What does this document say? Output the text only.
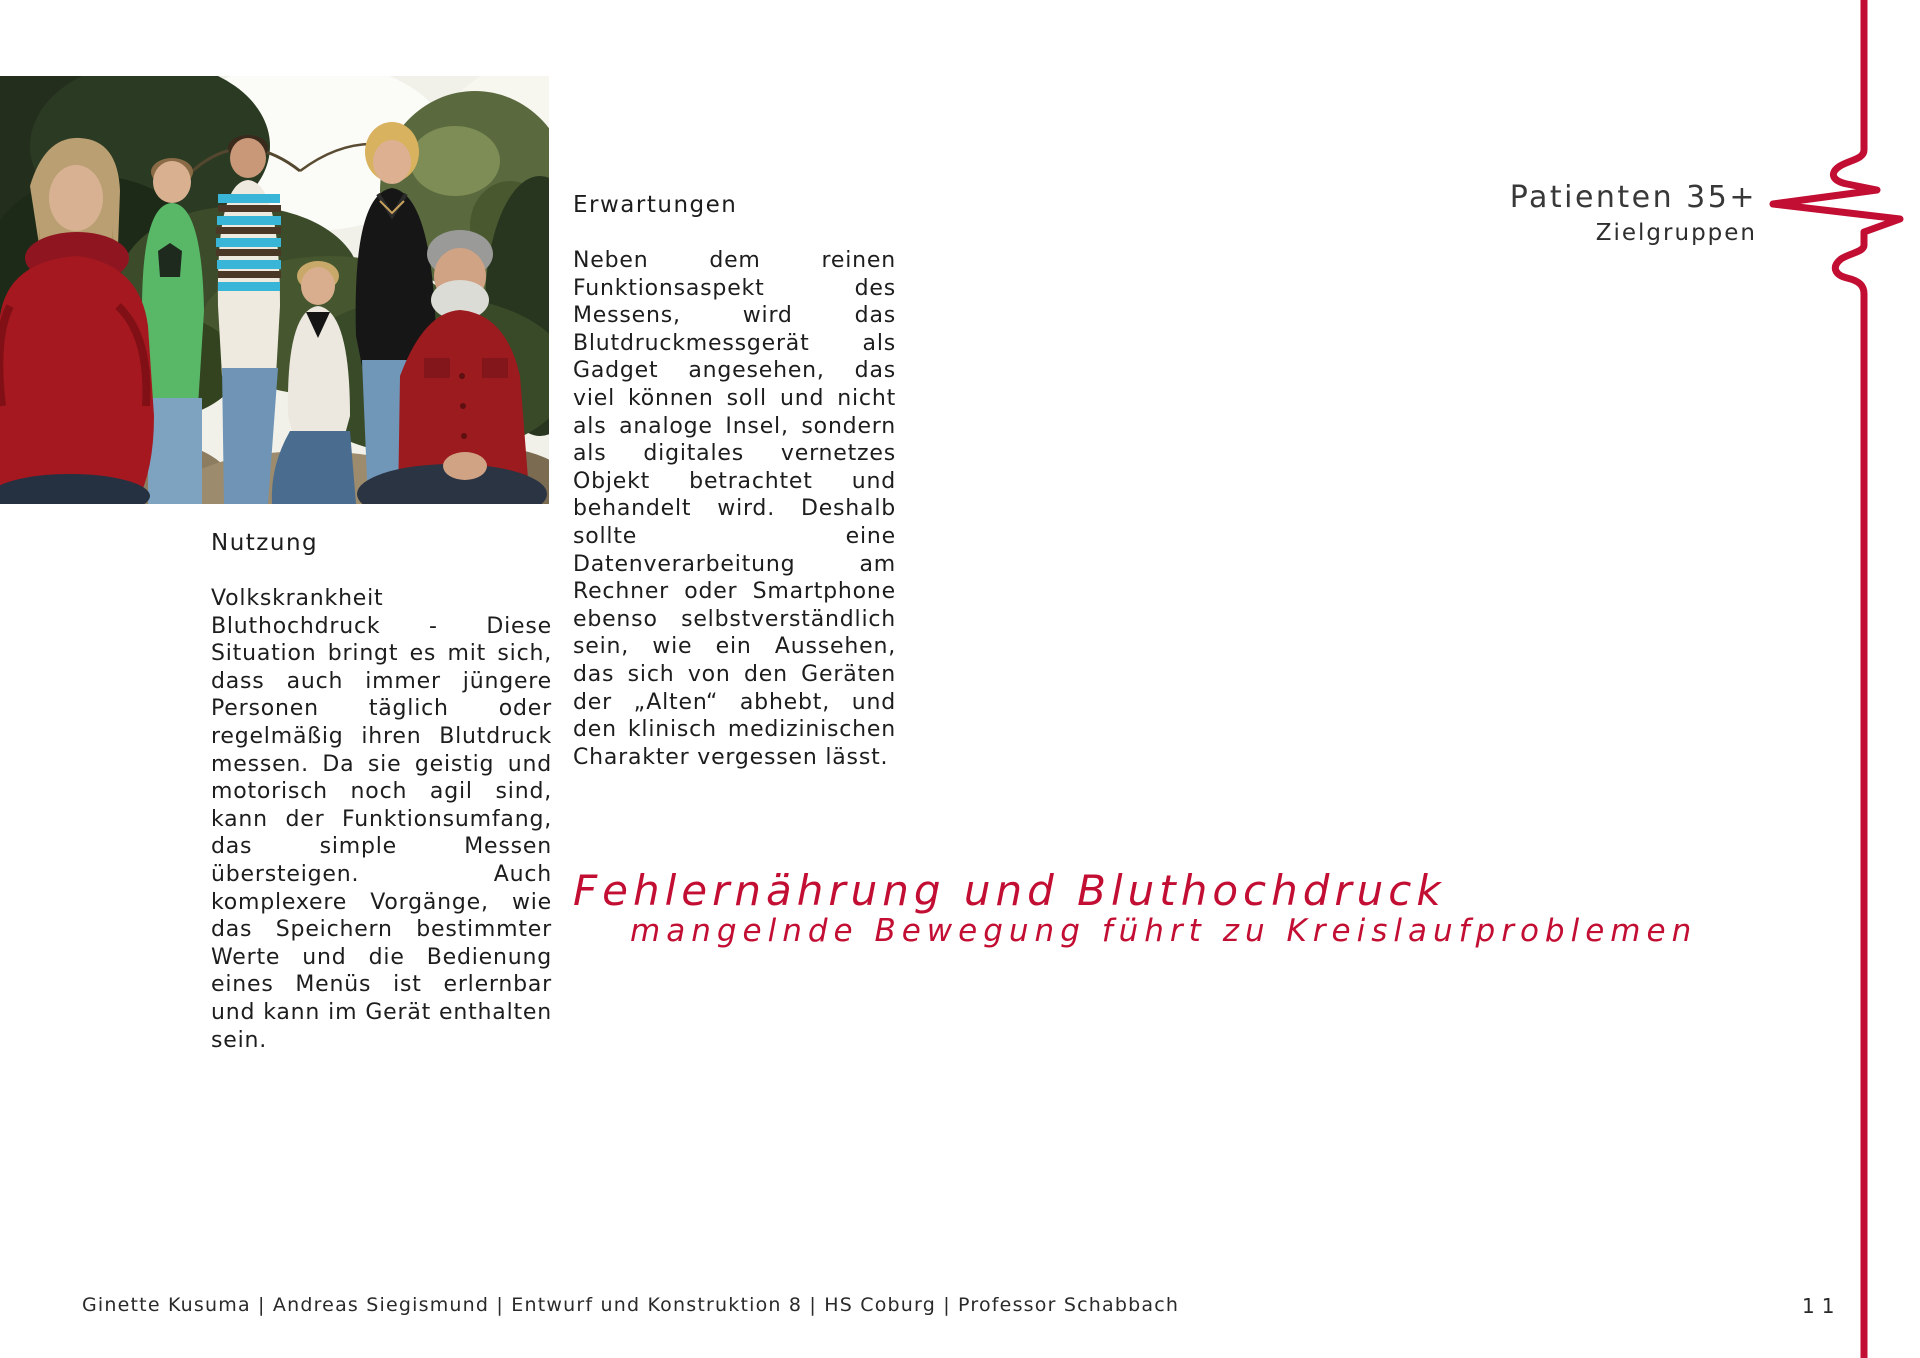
Nutzung

Volkskrankheit Bluthochdruck - Diese Situation bringt es mit sich, dass auch immer jüngere Personen täglich oder regelmäßig ihren Blutdruck messen. Da sie geistig und motorisch noch agil sind, kann der Funktionsumfang, das simple Messen übersteigen. Auch komplexere Vorgänge, wie das Speichern bestimmter Werte und die Bedienung eines Menüs ist erlernbar und kann im Gerät enthalten sein.

Erwartungen

Neben dem reinen Funktionsaspekt des Messens, wird das Blutdruckmessgerät als Gadget angesehen, das viel können soll und nicht als analoge Insel, sondern als digitales vernetzes Objekt betrachtet und behandelt wird. Deshalb sollte eine Datenverarbeitung am Rechner oder Smartphone ebenso selbstverständlich sein, wie ein Aussehen, das sich von den Geräten der „Alten“ abhebt, und den klinisch medizinischen Charakter vergessen lässt.

Patienten 35+
Zielgruppen
Fehlernährung und Bluthochdruck
mangelnde Bewegung führt zu Kreislaufproblemen
Ginette Kusuma | Andreas Siegismund | Entwurf und Konstruktion 8 | HS Coburg | Professor Schabbach	11
